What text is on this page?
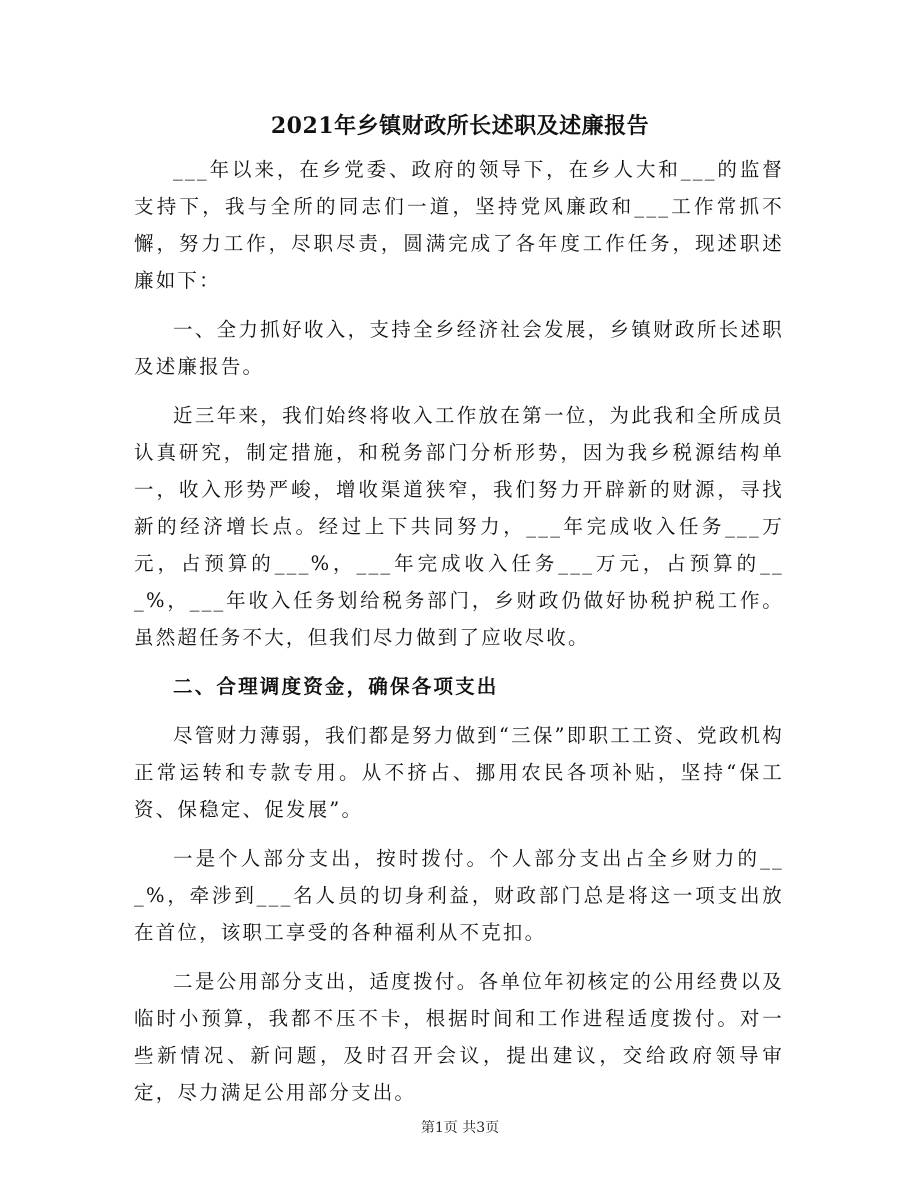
2021年乡镇财政所长述职及述廉报告

___年以来，在乡党委、政府的领导下，在乡人大和___的监督支持下，我与全所的同志们一道，坚持党风廉政和___工作常抓不懈，努力工作，尽职尽责，圆满完成了各年度工作任务，现述职述廉如下：

一、全力抓好收入，支持全乡经济社会发展，乡镇财政所长述职及述廉报告。

近三年来，我们始终将收入工作放在第一位，为此我和全所成员认真研究，制定措施，和税务部门分析形势，因为我乡税源结构单一，收入形势严峻，增收渠道狭窄，我们努力开辟新的财源，寻找新的经济增长点。经过上下共同努力，___年完成收入任务___万元，占预算的___%，___年完成收入任务___万元，占预算的___%，___年收入任务划给税务部门，乡财政仍做好协税护税工作。虽然超任务不大，但我们尽力做到了应收尽收。

二、合理调度资金，确保各项支出

尽管财力薄弱，我们都是努力做到“三保”即职工工资、党政机构正常运转和专款专用。从不挤占、挪用农民各项补贴，坚持“保工资、保稳定、促发展”。

一是个人部分支出，按时拨付。个人部分支出占全乡财力的___%，牵涉到___名人员的切身利益，财政部门总是将这一项支出放在首位，该职工享受的各种福利从不克扣。

二是公用部分支出，适度拨付。各单位年初核定的公用经费以及临时小预算，我都不压不卡，根据时间和工作进程适度拨付。对一些新情况、新问题，及时召开会议，提出建议，交给政府领导审定，尽力满足公用部分支出。

第1页 共3页
